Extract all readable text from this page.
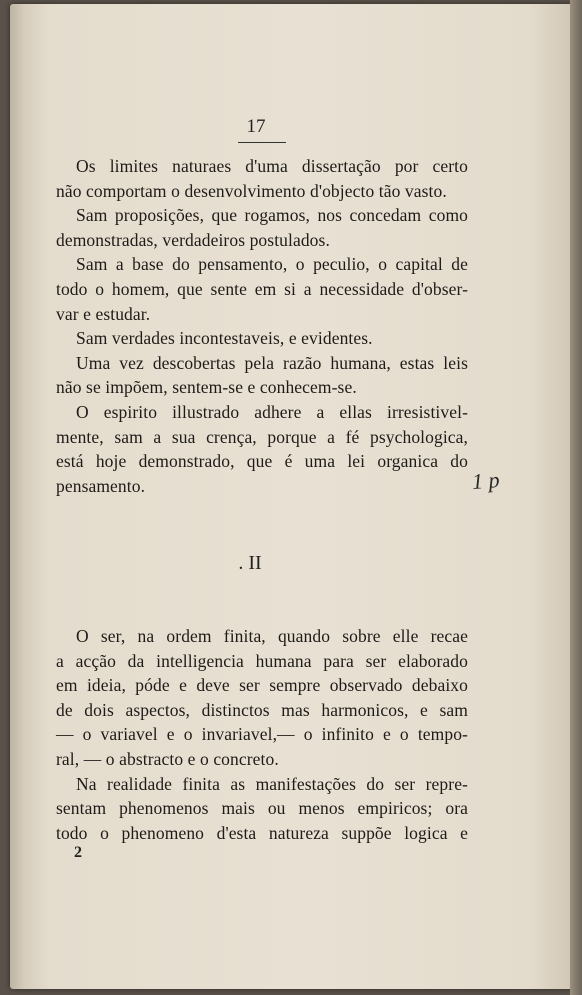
17

Os limites naturaes d'uma dissertação por certo
não comportam o desenvolvimento d'objecto tão vasto.

Sam proposições, que rogamos, nos concedam como
demonstradas, verdadeiros postulados.

Sam a base do pensamento, o peculio, o capital de
todo o homem, que sente em si a necessidade d'obser-
var e estudar.

Sam verdades incontestaveis, e evidentes.

Uma vez descobertas pela razão humana, estas leis
não se impõem, sentem-se e conhecem-se.

O espirito illustrado adhere a ellas irresistivel-
mente, sam a sua crença, porque a fé psychologica,
está hoje demonstrado, que é uma lei organica do
pensamento.	1 p
. II

O ser, na ordem finita, quando sobre elle recae
a acção da intelligencia humana para ser elaborado
em ideia, póde e deve ser sempre observado debaixo
de dois aspectos, distinctos mas harmonicos, e sam
— o variavel e o invariavel,— o infinito e o tempo-
ral, — o abstracto e o concreto.

Na realidade finita as manifestações do ser repre-
sentam phenomenos mais ou menos empiricos; ora
todo o phenomeno d'esta natureza suppõe logica e

2
